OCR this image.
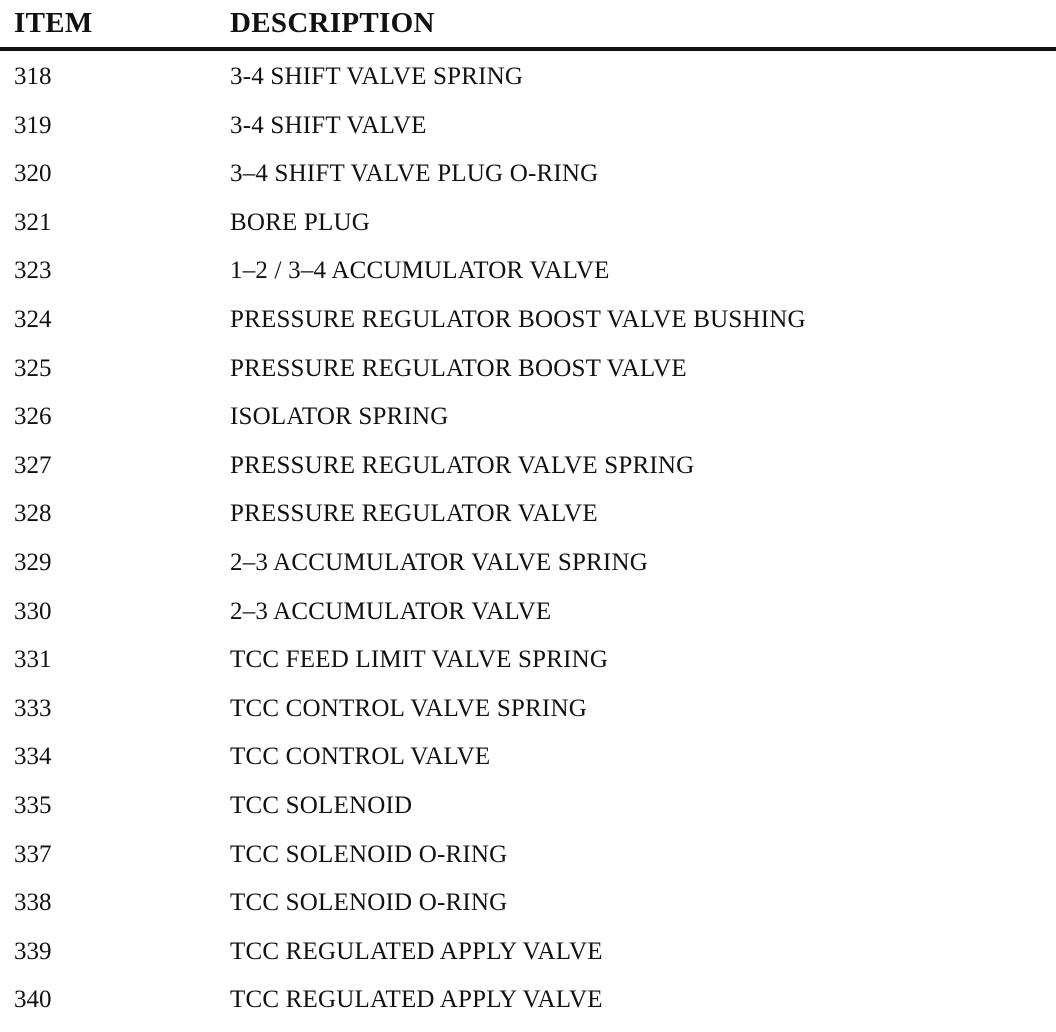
ITEM	DESCRIPTION
318	3-4 SHIFT VALVE SPRING
319	3-4 SHIFT VALVE
320	3–4 SHIFT VALVE PLUG O-RING
321	BORE PLUG
323	1–2 / 3–4 ACCUMULATOR VALVE
324	PRESSURE REGULATOR BOOST VALVE BUSHING
325	PRESSURE REGULATOR BOOST VALVE
326	ISOLATOR SPRING
327	PRESSURE REGULATOR VALVE SPRING
328	PRESSURE REGULATOR VALVE
329	2–3 ACCUMULATOR VALVE SPRING
330	2–3 ACCUMULATOR VALVE
331	TCC FEED LIMIT VALVE SPRING
333	TCC CONTROL VALVE SPRING
334	TCC CONTROL VALVE
335	TCC SOLENOID
337	TCC SOLENOID O-RING
338	TCC SOLENOID O-RING
339	TCC REGULATED APPLY VALVE
340	TCC REGULATED APPLY VALVE
